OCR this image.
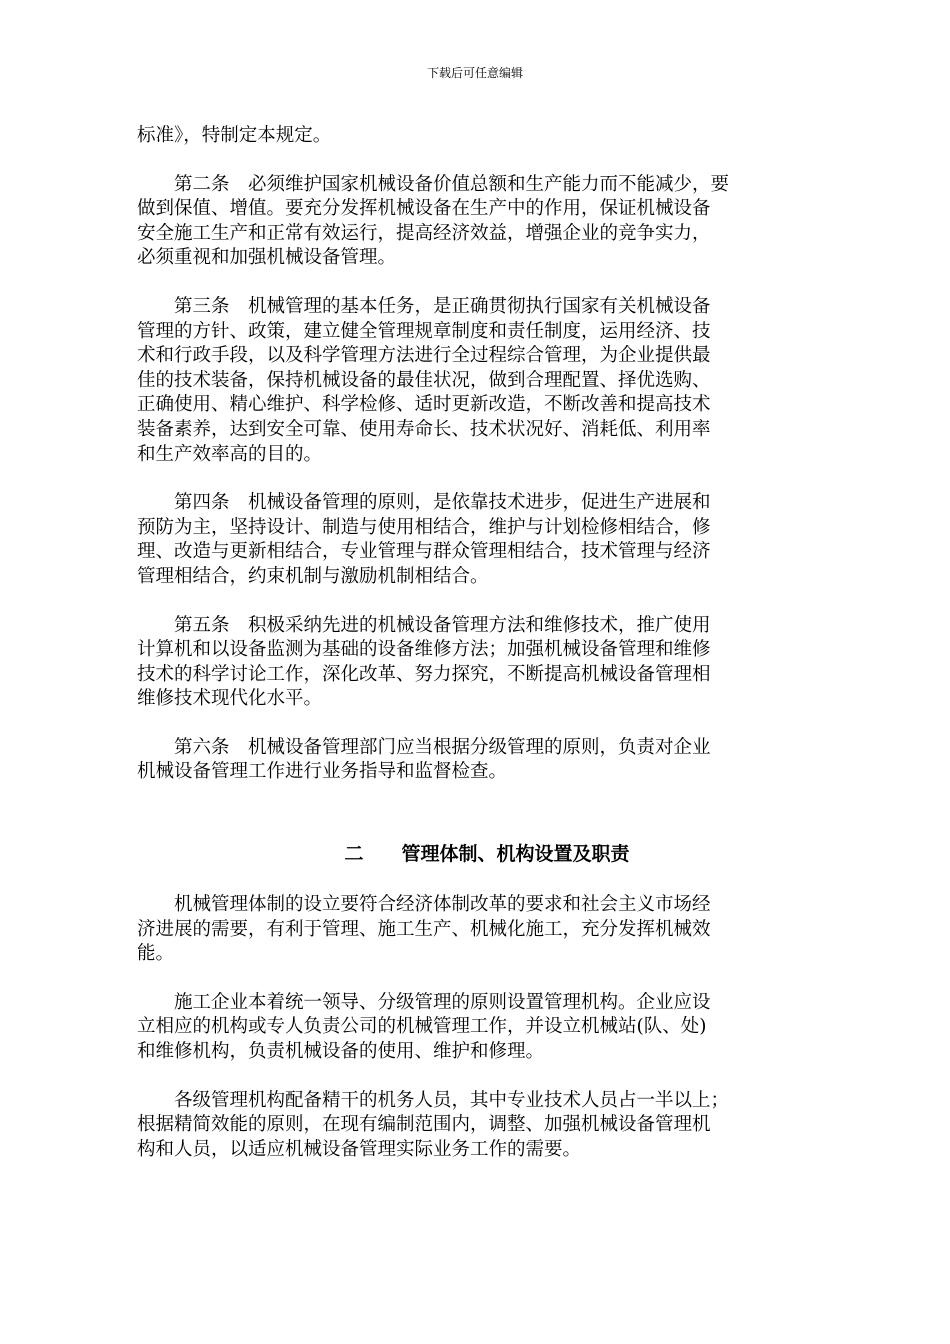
下载后可任意编辑
标准》，特制定本规定。
第二条　必须维护国家机械设备价值总额和生产能力而不能减少，要
做到保值、增值。要充分发挥机械设备在生产中的作用，保证机械设备
安全施工生产和正常有效运行，提高经济效益，增强企业的竞争实力，
必须重视和加强机械设备管理。
第三条　机械管理的基本任务，是正确贯彻执行国家有关机械设备
管理的方针、政策，建立健全管理规章制度和责任制度，运用经济、技
术和行政手段，以及科学管理方法进行全过程综合管理，为企业提供最
佳的技术装备，保持机械设备的最佳状况，做到合理配置、择优选购、
正确使用、精心维护、科学检修、适时更新改造，不断改善和提高技术
装备素养，达到安全可靠、使用寿命长、技术状况好、消耗低、利用率
和生产效率高的目的。
第四条　机械设备管理的原则，是依靠技术进步，促进生产进展和
预防为主，坚持设计、制造与使用相结合，维护与计划检修相结合，修
理、改造与更新相结合，专业管理与群众管理相结合，技术管理与经济
管理相结合，约束机制与激励机制相结合。
第五条　积极采纳先进的机械设备管理方法和维修技术，推广使用
计算机和以设备监测为基础的设备维修方法；加强机械设备管理和维修
技术的科学讨论工作，深化改革、努力探究，不断提高机械设备管理相
维修技术现代化水平。
第六条　机械设备管理部门应当根据分级管理的原则，负责对企业
机械设备管理工作进行业务指导和监督检查。
二　　管理体制、机构设置及职责
机械管理体制的设立要符合经济体制改革的要求和社会主义市场经
济进展的需要，有利于管理、施工生产、机械化施工，充分发挥机械效
能。
施工企业本着统一领导、分级管理的原则设置管理机构。企业应设
立相应的机构或专人负责公司的机械管理工作，并设立机械站(队、处)
和维修机构，负责机械设备的使用、维护和修理。
各级管理机构配备精干的机务人员，其中专业技术人员占一半以上；
根据精简效能的原则，在现有编制范围内，调整、加强机械设备管理机
构和人员，以适应机械设备管理实际业务工作的需要。
